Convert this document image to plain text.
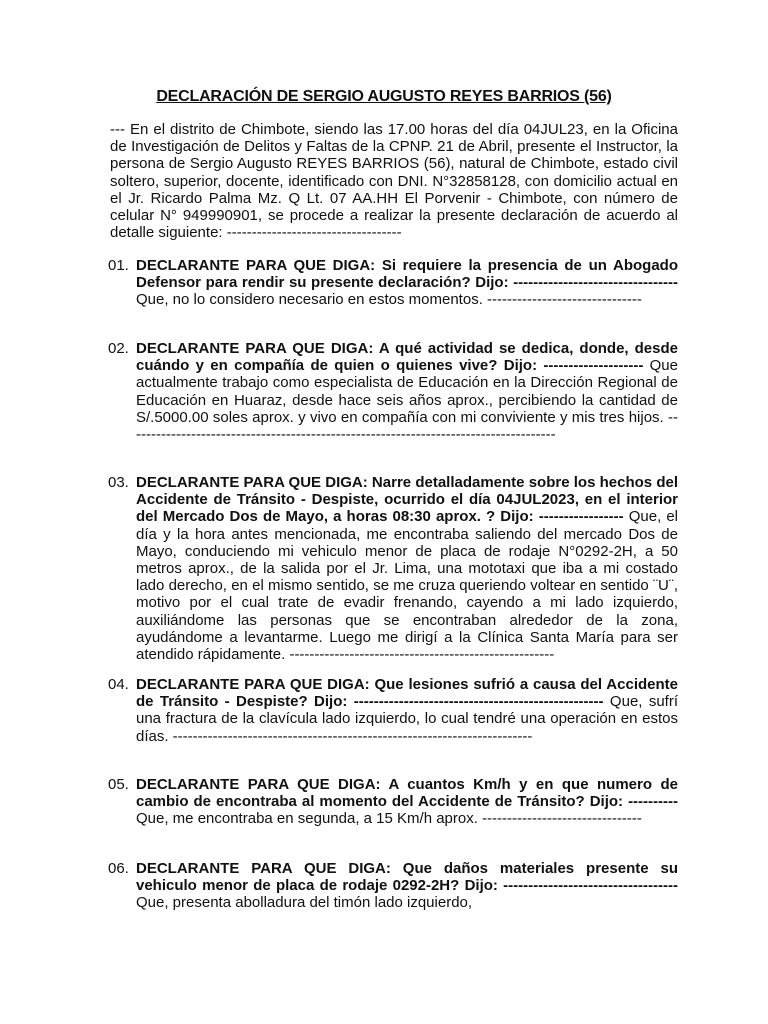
DECLARACIÓN DE SERGIO AUGUSTO REYES BARRIOS (56)
--- En el distrito de Chimbote, siendo las 17.00 horas del día 04JUL23, en la Oficina de Investigación de Delitos y Faltas de la CPNP. 21 de Abril, presente el Instructor, la persona de Sergio Augusto REYES BARRIOS (56), natural de Chimbote, estado civil soltero, superior, docente, identificado con DNI. N°32858128, con domicilio actual en el Jr. Ricardo Palma Mz. Q Lt. 07 AA.HH El Porvenir - Chimbote, con número de celular N° 949990901, se procede a realizar la presente declaración de acuerdo al detalle siguiente: -----------------------------------
01. DECLARANTE PARA QUE DIGA: Si requiere la presencia de un Abogado Defensor para rendir su presente declaración? Dijo: --------------------------------- Que, no lo considero necesario en estos momentos. -------------------------------
02. DECLARANTE PARA QUE DIGA: A qué actividad se dedica, donde, desde cuándo y en compañía de quien o quienes vive? Dijo: -------------------- Que actualmente trabajo como especialista de Educación en la Dirección Regional de Educación en Huaraz, desde hace seis años aprox., percibiendo la cantidad de S/.5000.00 soles aprox. y vivo en compañía con mi conviviente y mis tres hijos. --------------------------------------------------------------------------------------
03. DECLARANTE PARA QUE DIGA: Narre detalladamente sobre los hechos del Accidente de Tránsito - Despiste, ocurrido el día 04JUL2023, en el interior del Mercado Dos de Mayo, a horas 08:30 aprox. ? Dijo: ----------------- Que, el día y la hora antes mencionada, me encontraba saliendo del mercado Dos de Mayo, conduciendo mi vehiculo menor de placa de rodaje N°0292-2H, a 50 metros aprox., de la salida por el Jr. Lima, una mototaxi que iba a mi costado lado derecho, en el mismo sentido, se me cruza queriendo voltear en sentido ¨U¨, motivo por el cual trate de evadir frenando, cayendo a mi lado izquierdo, auxiliándome las personas que se encontraban alrededor de la zona, ayudándome a levantarme. Luego me dirigí a la Clínica Santa María para ser atendido rápidamente. -----------------------------------------------------
04. DECLARANTE PARA QUE DIGA: Que lesiones sufrió a causa del Accidente de Tránsito - Despiste? Dijo: -------------------------------------------------- Que, sufrí una fractura de la clavícula lado izquierdo, lo cual tendré una operación en estos días. ------------------------------------------------------------------------
05. DECLARANTE PARA QUE DIGA: A cuantos Km/h y en que numero de cambio de encontraba al momento del Accidente de Tránsito? Dijo: ---------- Que, me encontraba en segunda, a 15 Km/h aprox. --------------------------------
06. DECLARANTE PARA QUE DIGA: Que daños materiales presente su vehiculo menor de placa de rodaje 0292-2H? Dijo: ----------------------------------- Que, presenta abolladura del timón lado izquierdo,
